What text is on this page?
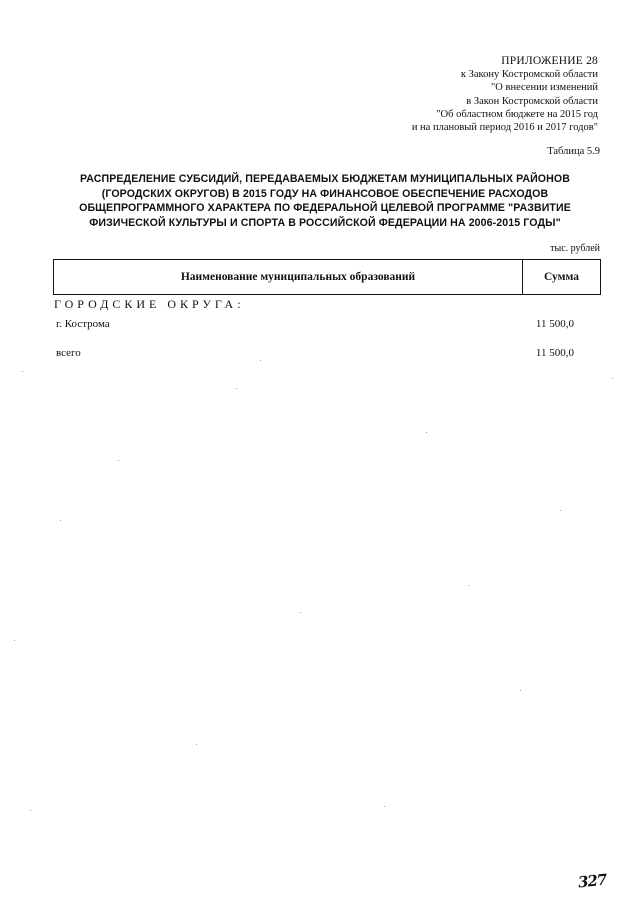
ПРИЛОЖЕНИЕ 28
к Закону Костромской области
"О внесении изменений
в Закон Костромской области
"Об областном бюджете на 2015 год
и на плановый период 2016 и 2017 годов"
Таблица 5.9
РАСПРЕДЕЛЕНИЕ СУБСИДИЙ, ПЕРЕДАВАЕМЫХ БЮДЖЕТАМ МУНИЦИПАЛЬНЫХ РАЙОНОВ
(ГОРОДСКИХ ОКРУГОВ) В 2015 ГОДУ НА ФИНАНСОВОЕ ОБЕСПЕЧЕНИЕ РАСХОДОВ
ОБЩЕПРОГРАММНОГО ХАРАКТЕРА ПО ФЕДЕРАЛЬНОЙ ЦЕЛЕВОЙ ПРОГРАММЕ "РАЗВИТИЕ
ФИЗИЧЕСКОЙ КУЛЬТУРЫ И СПОРТА В РОССИЙСКОЙ ФЕДЕРАЦИИ НА 2006-2015 ГОДЫ"
тыс. рублей
Наименование муниципальных образований	Сумма
ГОРОДСКИЕ ОКРУГА:
г. Кострома	11 500,0
всего	11 500,0
327
